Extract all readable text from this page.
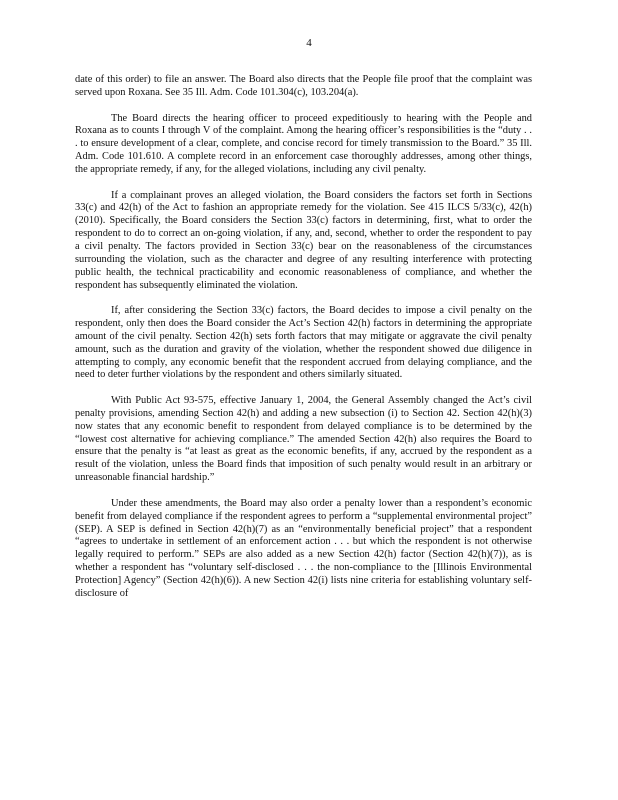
4

date of this order) to file an answer. The Board also directs that the People file proof that the complaint was served upon Roxana. See 35 Ill. Adm. Code 101.304(c), 103.204(a).

The Board directs the hearing officer to proceed expeditiously to hearing with the People and Roxana as to counts I through V of the complaint. Among the hearing officer’s responsibilities is the “duty . . . to ensure development of a clear, complete, and concise record for timely transmission to the Board.” 35 Ill. Adm. Code 101.610. A complete record in an enforcement case thoroughly addresses, among other things, the appropriate remedy, if any, for the alleged violations, including any civil penalty.

If a complainant proves an alleged violation, the Board considers the factors set forth in Sections 33(c) and 42(h) of the Act to fashion an appropriate remedy for the violation. See 415 ILCS 5/33(c), 42(h) (2010). Specifically, the Board considers the Section 33(c) factors in determining, first, what to order the respondent to do to correct an on-going violation, if any, and, second, whether to order the respondent to pay a civil penalty. The factors provided in Section 33(c) bear on the reasonableness of the circumstances surrounding the violation, such as the character and degree of any resulting interference with protecting public health, the technical practicability and economic reasonableness of compliance, and whether the respondent has subsequently eliminated the violation.

If, after considering the Section 33(c) factors, the Board decides to impose a civil penalty on the respondent, only then does the Board consider the Act’s Section 42(h) factors in determining the appropriate amount of the civil penalty. Section 42(h) sets forth factors that may mitigate or aggravate the civil penalty amount, such as the duration and gravity of the violation, whether the respondent showed due diligence in attempting to comply, any economic benefit that the respondent accrued from delaying compliance, and the need to deter further violations by the respondent and others similarly situated.

With Public Act 93-575, effective January 1, 2004, the General Assembly changed the Act’s civil penalty provisions, amending Section 42(h) and adding a new subsection (i) to Section 42. Section 42(h)(3) now states that any economic benefit to respondent from delayed compliance is to be determined by the “lowest cost alternative for achieving compliance.” The amended Section 42(h) also requires the Board to ensure that the penalty is “at least as great as the economic benefits, if any, accrued by the respondent as a result of the violation, unless the Board finds that imposition of such penalty would result in an arbitrary or unreasonable financial hardship.”

Under these amendments, the Board may also order a penalty lower than a respondent’s economic benefit from delayed compliance if the respondent agrees to perform a “supplemental environmental project” (SEP). A SEP is defined in Section 42(h)(7) as an “environmentally beneficial project” that a respondent “agrees to undertake in settlement of an enforcement action . . . but which the respondent is not otherwise legally required to perform.” SEPs are also added as a new Section 42(h) factor (Section 42(h)(7)), as is whether a respondent has “voluntary self-disclosed . . . the non-compliance to the [Illinois Environmental Protection] Agency” (Section 42(h)(6)). A new Section 42(i) lists nine criteria for establishing voluntary self-disclosure of
